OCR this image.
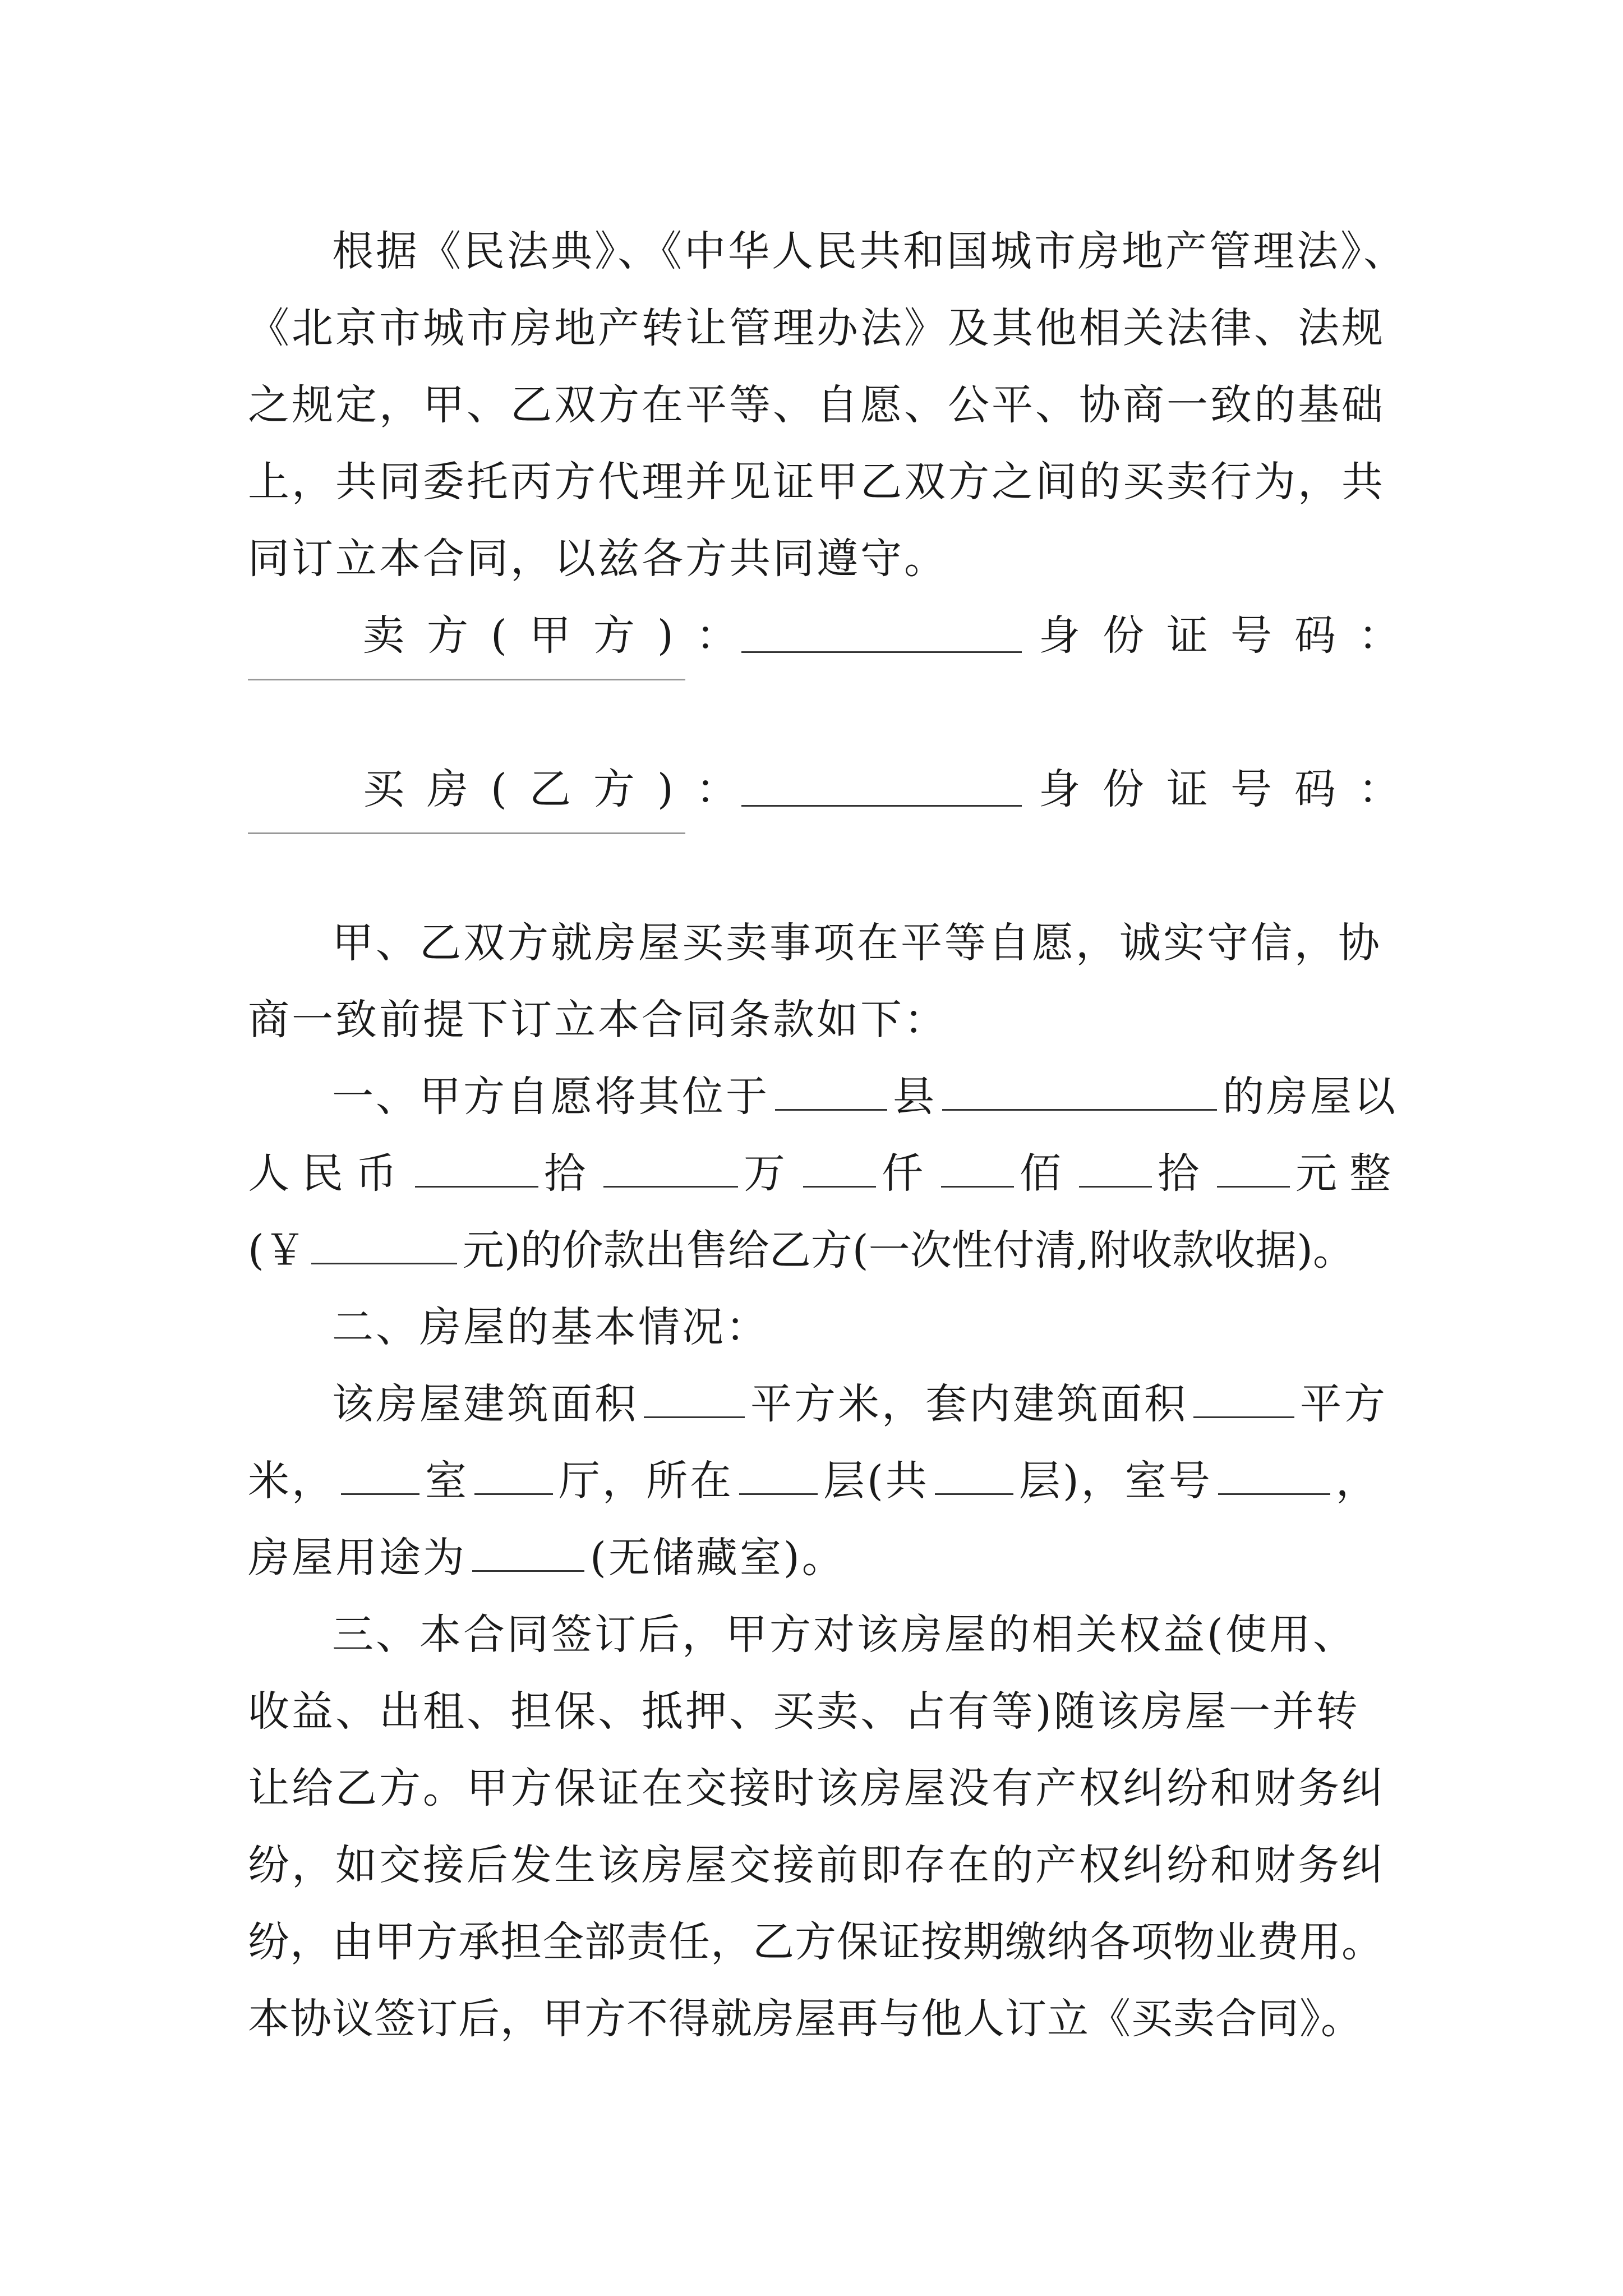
根据《民法典》、《中华人民共和国城市房地产管理法》、
《北京市城市房地产转让管理办法》及其他相关法律、法规
之规定，甲、乙双方在平等、自愿、公平、协商一致的基础
上，共同委托丙方代理并见证甲乙双方之间的买卖行为，共
同订立本合同，以兹各方共同遵守。
卖方(甲方)：	身份证号码：
买房(乙方)：	身份证号码：
甲、乙双方就房屋买卖事项在平等自愿，诚实守信，协
商一致前提下订立本合同条款如下：
一、甲方自愿将其位于	县	的房屋以
人民币	拾	万 仟 佰 拾 元整
(￥	元)的价款出售给乙方(一次性付清,附收款收据)。
二、房屋的基本情况：
该房屋建筑面积	平方米，套内建筑面积	平方
米， 室 厅，所在 层(共 层)，室号	，
房屋用途为	(无储藏室)。
三、本合同签订后，甲方对该房屋的相关权益(使用、
收益、出租、担保、抵押、买卖、占有等)随该房屋一并转
让给乙方。甲方保证在交接时该房屋没有产权纠纷和财务纠
纷，如交接后发生该房屋交接前即存在的产权纠纷和财务纠
纷，由甲方承担全部责任，乙方保证按期缴纳各项物业费用。
本协议签订后，甲方不得就房屋再与他人订立《买卖合同》。
